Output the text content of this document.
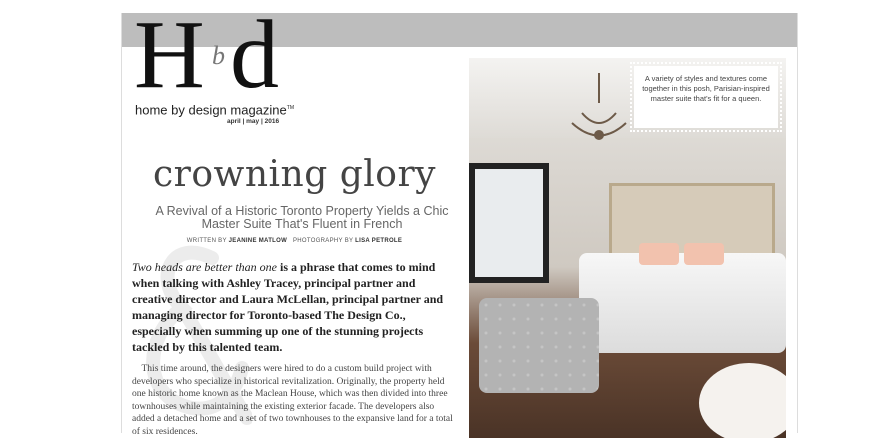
H b d
home by design magazine™
april | may | 2016
crowning glory
A Revival of a Historic Toronto Property Yields a Chic Master Suite That's Fluent in French
WRITTEN BY JEANINE MATLOW PHOTOGRAPHY BY LISA PETROLE
Two heads are better than one is a phrase that comes to mind when talking with Ashley Tracey, principal partner and creative director and Laura McLellan, principal partner and managing director for Toronto-based The Design Co., especially when summing up one of the stunning projects tackled by this talented team.
This time around, the designers were hired to do a custom build project with developers who specialize in historical revitalization. Originally, the property held one historic home known as the Maclean House, which was then divided into three townhouses while maintaining the existing exterior facade. The developers also added a detached home and a set of two townhouses to the expansive land for a total of six residences.
A variety of styles and textures come together in this posh, Parisian-inspired master suite that's fit for a queen.
